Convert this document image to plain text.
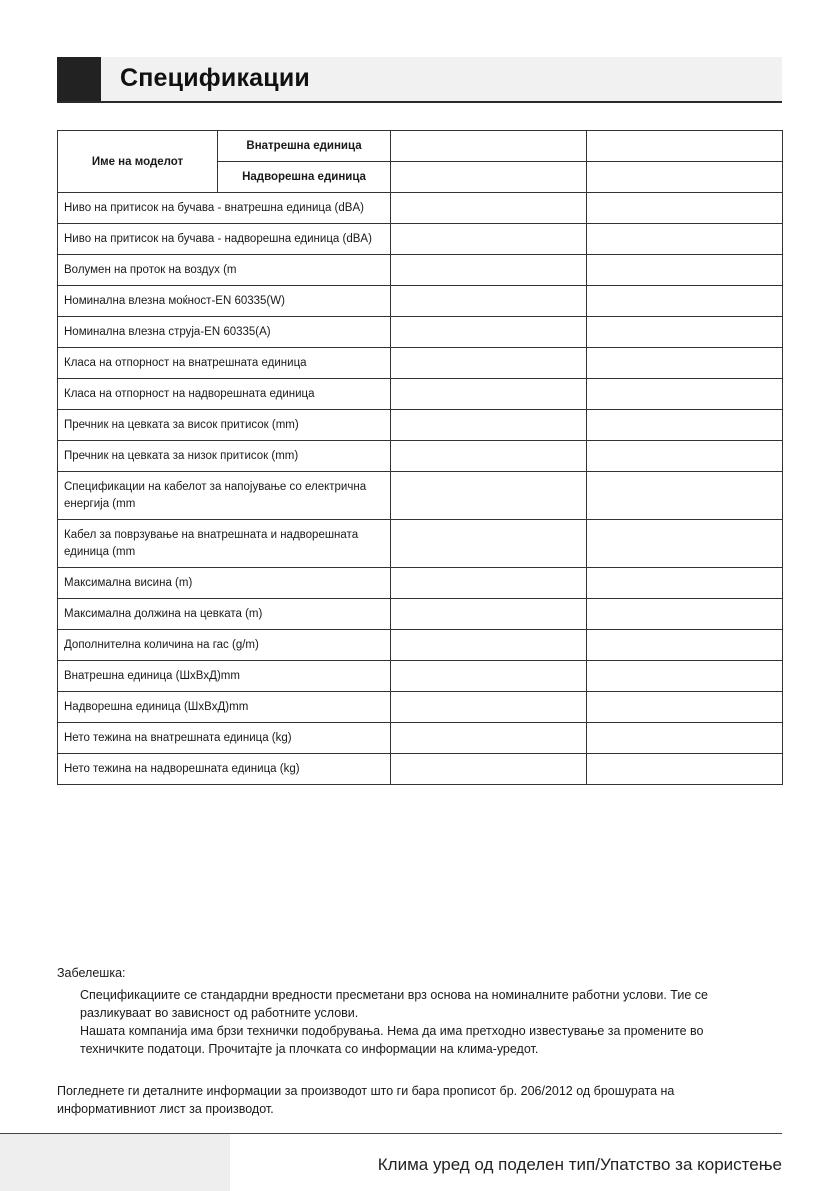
Спецификации
Име на моделот	Внатрешна единица		
	Надворешна единица		
Ниво на притисок на бучава - внатрешна единица (dBA)			
Ниво на притисок на бучава - надворешна единица (dBA)			
Волумен на проток на воздух (m			
Номинална влезна моќност-EN 60335(W)			
Номинална влезна струја-EN 60335(A)			
Класа на отпорност на внатрешната единица			
Класа на отпорност на надворешната единица			
Пречник на цевката за висок притисок (mm)			
Пречник на цевката за низок притисок (mm)			
Спецификации на кабелот за напојување со електрична енергија (mm			
Кабел за поврзување на внатрешната и надворешната единица (mm			
Максимална висина (m)			
Максимална должина на цевката (m)			
Дополнителна количина на гас (g/m)			
Внатрешна единица (ШxВxД)mm			
Надворешна единица (ШxВxД)mm			
Нето тежина на внатрешната единица (kg)			
Нето тежина на надворешната единица (kg)			
Забелешка:

Спецификациите се стандардни вредности пресметани врз основа на номиналните работни услови. Тие се разликуваат во зависност од работните услови.

Нашата компанија има брзи технички подобрувања. Нема да има претходно известување за промените во техничките податоци. Прочитајте ја плочката со информации на клима-уредот.

Погледнете ги деталните информации за производот што ги бара прописот бр. 206/2012 од брошурата на информативниот лист за производот.
Клима уред од поделен тип/Упатство за користење
